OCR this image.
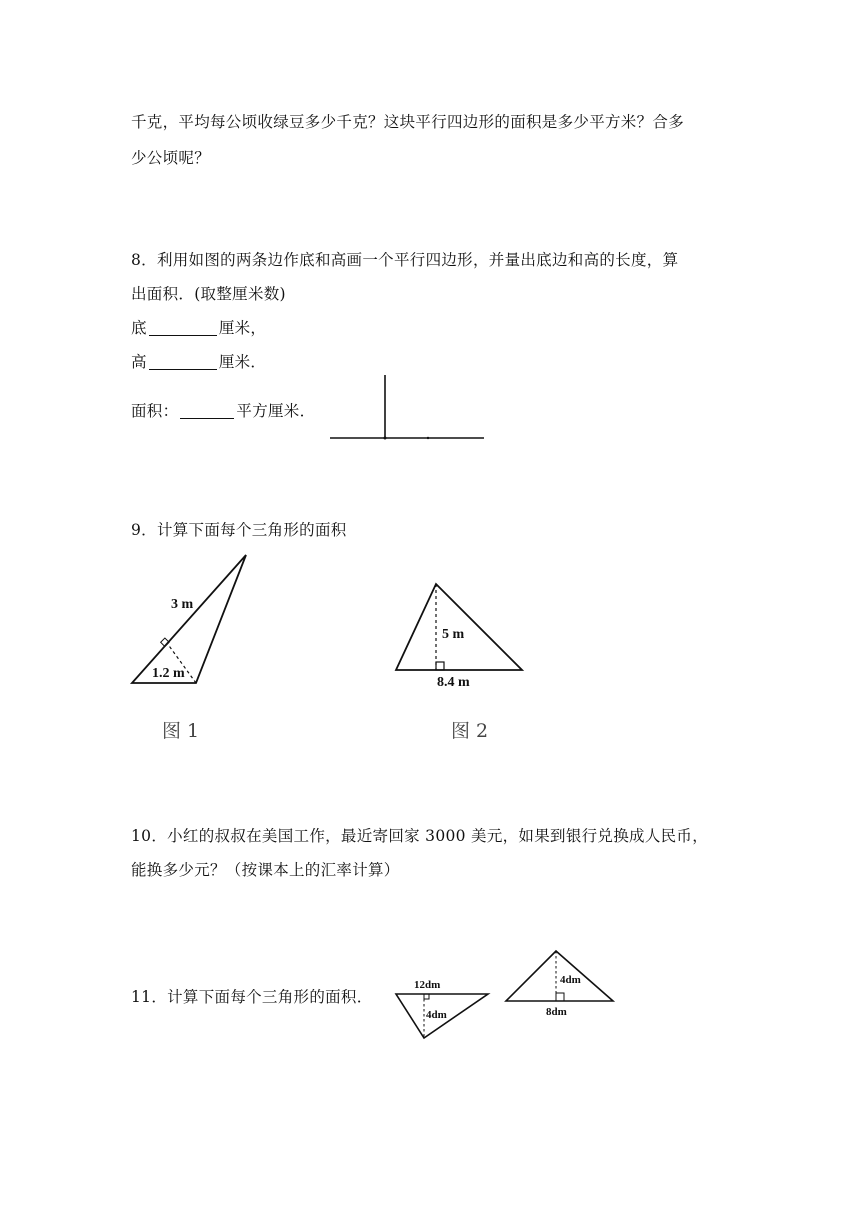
千克，平均每公顷收绿豆多少千克？这块平行四边形的面积是多少平方米？合多
少公顷呢？
8．利用如图的两条边作底和高画一个平行四边形，并量出底边和高的长度，算
出面积．(取整厘米数)
底	厘米，
高	厘米．
面积：	平方厘米．
9．计算下面每个三角形的面积
3 m
1.2 m
图 1
5 m
8.4 m
图 2
10．小红的叔叔在美国工作，最近寄回家 3000 美元，如果到银行兑换成人民币，
能换多少元？（按课本上的汇率计算）
11．计算下面每个三角形的面积．
12dm
4dm
4dm
8dm
